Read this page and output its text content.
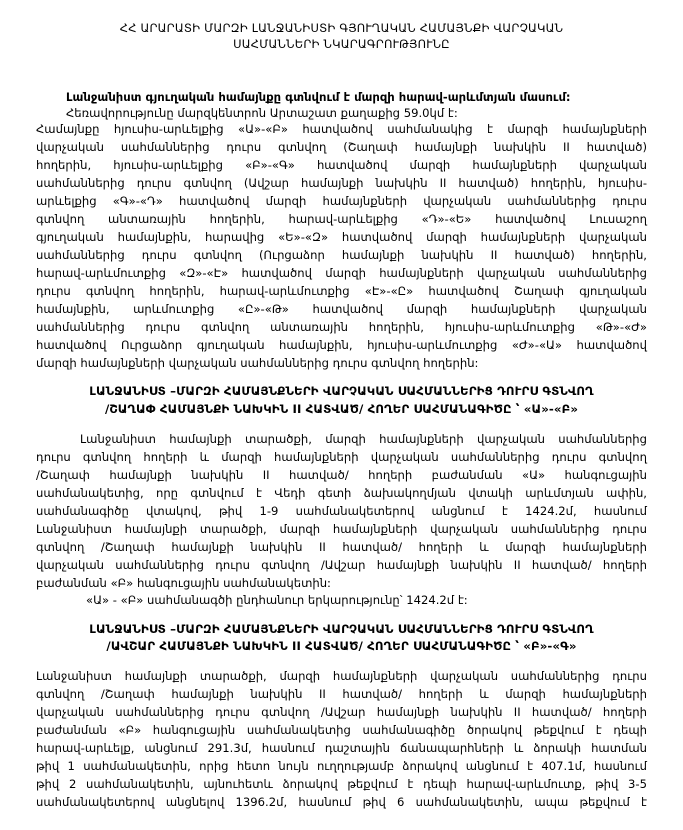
ՀՀ ԱՐԱՐԱՏԻ ՄԱՐԶԻ ԼԱՆՋԱՆԻՍՏԻ ԳՅՈՒՂԱԿԱՆ ՀԱՄԱՅՆՔԻ ՎԱՐՉԱԿԱՆ
ՍԱՀՄԱՆՆԵՐԻ ՆԿԱՐԱԳՐՈՒԹՅՈՒՆԸ
Լանջանիստ գյուղական համայնքը գտնվում է մարզի հարավ-արևմտյան մասում:
Հեռավորությունը մարզկենտրոն Արտաշատ քաղաքից 59.0կմ է:
Համայնքը հյուսիս-արևելքից «Ա»-«Բ» հատվածով սահմանակից է մարզի համայնքների
վարչական սահմաններից դուրս գտնվող (Շաղափ համայնքի նախկին II հատված)
հողերին, հյուսիս-արևելքից «Բ»-«Գ» հատվածով մարզի համայնքների վարչական
սահմաններից դուրս գտնվող (Ավշար համայնքի նախկին II հատված) հողերին, հյուսիս-
արևելքից «Գ»-«Դ» հատվածով մարզի համայնքների վարչական սահմաններից դուրս
գտնվող անտառային հողերին, հարավ-արևելքից «Դ»-«Ե» հատվածով Լուսաշող
գյուղական համայնքին, հարավից «Ե»-«Զ» հատվածով մարզի համայնքների վարչական
սահմաններից դուրս գտնվող (Ուրցաձոր համայնքի նախկին II հատված) հողերին,
հարավ-արևմուտքից «Զ»-«Է» հատվածով մարզի համայնքների վարչական սահմաններից
դուրս գտնվող հողերին, հարավ-արևմուտքից «Է»-«Ը» հատվածով Շաղափ գյուղական
համայնքին, արևմուտքից «Ը»-«Թ» հատվածով մարզի համայնքների վարչական
սահմաններից դուրս գտնվող անտառային հողերին, հյուսիս-արևմուտքից «Թ»-«Ժ»
հատվածով Ուրցաձոր գյուղական համայնքին, հյուսիս-արևմուտքից «Ժ»-«Ա» հատվածով
մարզի համայնքների վարչական սահմաններից դուրս գտնվող հողերին:
ԼԱՆՋԱՆԻՍՏ –ՄԱՐԶԻ ՀԱՄԱՅՆՔՆԵՐԻ ՎԱՐՉԱԿԱՆ ՍԱՀՄԱՆՆԵՐԻՑ ԴՈՒՐՍ ԳՏՆՎՈՂ
/ՇԱՂԱՓ ՀԱՄԱՅՆՔԻ ՆԱԽԿԻՆ II ՀԱՏՎԱԾ/ ՀՈՂԵՐ ՍԱՀՄԱՆԱԳԻԾԸ ՝ «Ա»-«Բ»
Լանջանիստ համայնքի տարածքի, մարզի համայնքների վարչական սահմաններից
դուրս գտնվող հողերի և մարզի համայնքների վարչական սահմաններից դուրս գտնվող
/Շաղափ համայնքի նախկին II հատված/ հողերի բաժանման «Ա» հանգուցային
սահմանակետից, որը գտնվում է Վեդի գետի ձախակողմյան վտակի արևմտյան ափին,
սահմանագիծը վտակով, թիվ 1-9 սահմանակետերով անցնում է 1424.2մ, հասնում
Լանջանիստ համայնքի տարածքի, մարզի համայնքների վարչական սահմաններից դուրս
գտնվող /Շաղափ համայնքի նախկին II հատված/ հողերի և մարզի համայնքների
վարչական սահմաններից դուրս գտնվող /Ավշար համայնքի նախկին II հատված/ հողերի
բաժանման «Բ» հանգուցային սահմանակետին:
«Ա» - «Բ» սահմանագծի ընդհանուր երկարությունը՝ 1424.2մ է:
ԼԱՆՋԱՆԻՍՏ –ՄԱՐԶԻ ՀԱՄԱՅՆՔՆԵՐԻ ՎԱՐՉԱԿԱՆ ՍԱՀՄԱՆՆԵՐԻՑ ԴՈՒՐՍ ԳՏՆՎՈՂ
/ԱՎՇԱՐ ՀԱՄԱՅՆՔԻ ՆԱԽԿԻՆ II ՀԱՏՎԱԾ/ ՀՈՂԵՐ ՍԱՀՄԱՆԱԳԻԾԸ ՝ «Բ»-«Գ»
Լանջանիստ համայնքի տարածքի, մարզի համայնքների վարչական սահմաններից դուրս
գտնվող /Շաղափ համայնքի նախկին II հատված/ հողերի և մարզի համայնքների
վարչական սահմաններից դուրս գտնվող /Ավշար համայնքի նախկին II հատված/ հողերի
բաժանման «Բ» հանգուցային սահմանակետից սահմանագիծը ծորակով թեքվում է դեպի
հարավ-արևելք, անցնում 291.3մ, հասնում դաշտային ճանապարհների և ձորակի հատման
թիվ 1 սահմանակետին, որից հետո նույն ուղղությամբ ձորակով անցնում է 407.1մ, հասնում
թիվ 2 սահմանակետին, այնուհետև ձորակով թեքվում է դեպի հարավ-արևմուտք, թիվ 3-5
սահմանակետերով անցնելով 1396.2մ, հասնում թիվ 6 սահմանակետին, ապա թեքվում է
